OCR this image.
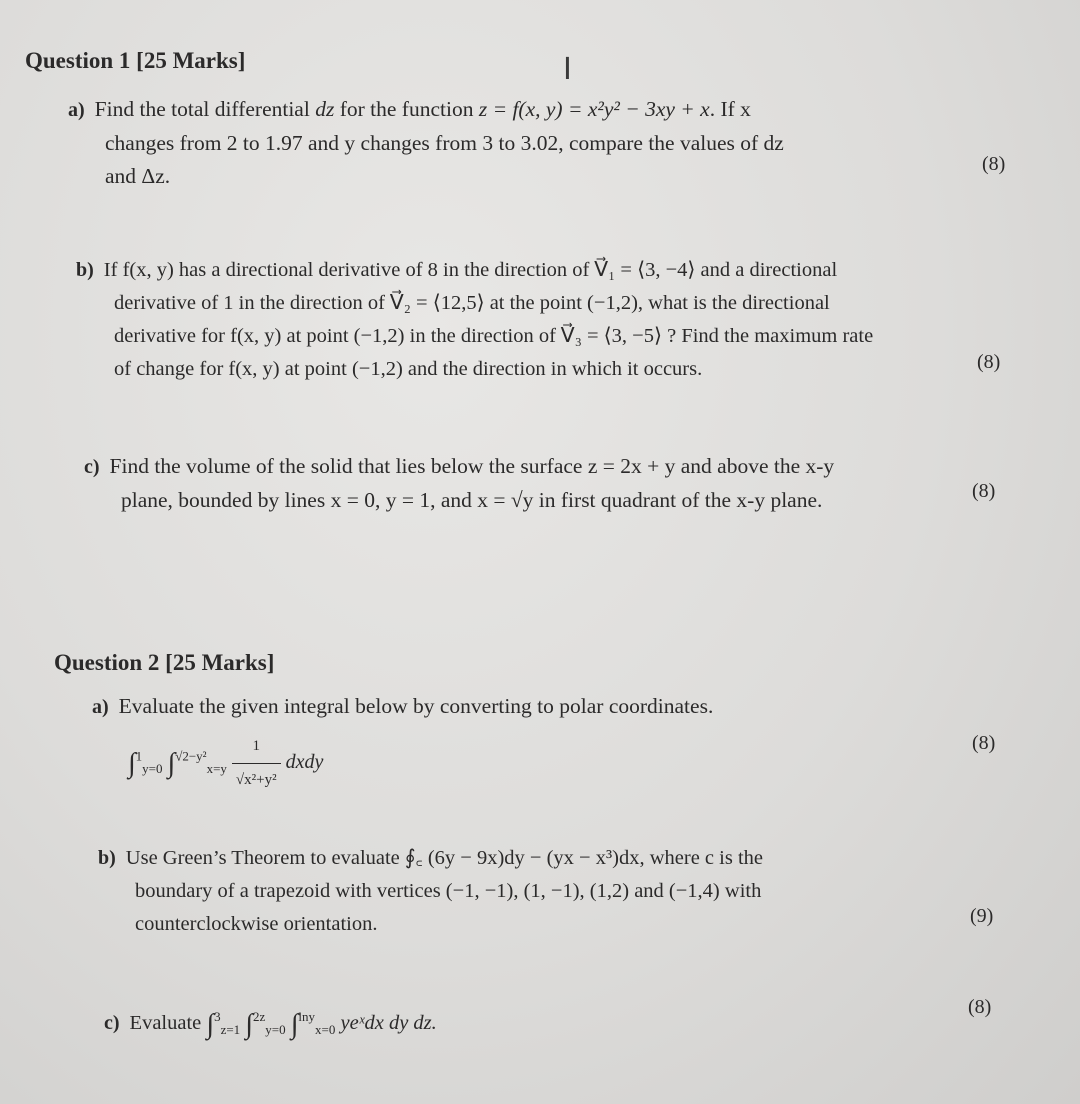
I
Question 1 [25 Marks]
a) Find the total differential dz for the function z = f(x, y) = x²y² − 3xy + x. If x
changes from 2 to 1.97 and y changes from 3 to 3.02, compare the values of dz
and Δz.	(8)
b) If f(x, y) has a directional derivative of 8 in the direction of V⃗₁ = ⟨3, −4⟩ and a directional
derivative of 1 in the direction of V⃗₂ = ⟨12,5⟩ at the point (−1,2), what is the directional
derivative for f(x, y) at point (−1,2) in the direction of V⃗₃ = ⟨3, −5⟩ ? Find the maximum rate
of change for f(x, y) at point (−1,2) and the direction in which it occurs.	(8)
c) Find the volume of the solid that lies below the surface z = 2x + y and above the x-y
plane, bounded by lines x = 0, y = 1, and x = √y in first quadrant of the x-y plane.	(8)
Question 2 [25 Marks]
a) Evaluate the given integral below by converting to polar coordinates.
∫$^1_{y=0}$ $\int^{√2-y^2}_{x=y} \frac{1}{\text{√x²+y²}}$ dxdy
(8)
b) Use Green’s Theorem to evaluate ∮꜀ (6y − 9x)dy − (yx − x³)dx, where c is the
boundary of a trapezoid with vertices (−1, −1), (1, −1), (1,2) and (−1,4) with
counterclockwise orientation.	(9)
c) Evaluate ∫$^3_{z=1}$ ∫$^{2z}_{y=0}$ ∫$^{lny}_{x=0}$ yeˣdx dy dz.
(8)
